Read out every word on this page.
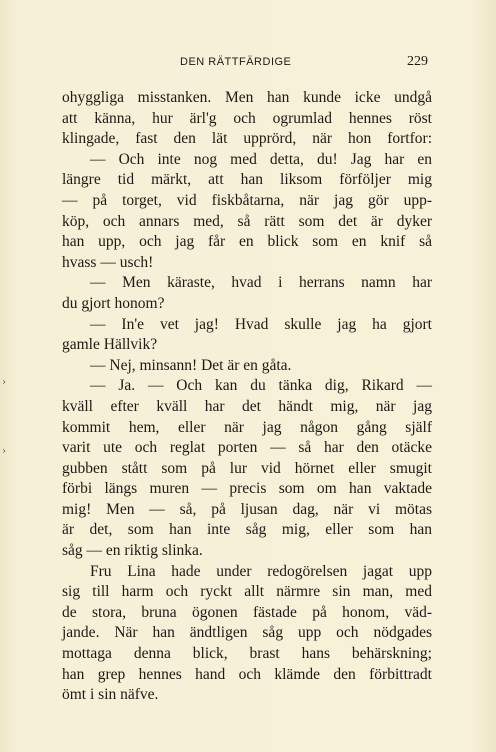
DEN RÄTTFÄRDIGE	229
ohyggliga misstanken. Men han kunde icke undgå
att känna, hur ärl'g och ogrumlad hennes röst
klingade, fast den lät upprörd, när hon fortfor:
— Och inte nog med detta, du! Jag har en
längre tid märkt, att han liksom förföljer mig
— på torget, vid fiskbåtarna, när jag gör upp-
köp, och annars med, så rätt som det är dyker
han upp, och jag får en blick som en knif så
hvass — usch!
— Men käraste, hvad i herrans namn har
du gjort honom?
— In'e vet jag! Hvad skulle jag ha gjort
gamle Hällvik?
— Nej, minsann! Det är en gåta.
— Ja. — Och kan du tänka dig, Rikard —
kväll efter kväll har det händt mig, när jag
kommit hem, eller när jag någon gång själf
varit ute och reglat porten — så har den otäcke
gubben stått som på lur vid hörnet eller smugit
förbi längs muren — precis som om han vaktade
mig! Men — så, på ljusan dag, när vi mötas
är det, som han inte såg mig, eller som han
såg — en riktig slinka.
Fru Lina hade under redogörelsen jagat upp
sig till harm och ryckt allt närmre sin man, med
de stora, bruna ögonen fästade på honom, väd-
jande. När han ändtligen såg upp och nödgades
mottaga denna blick, brast hans behärskning;
han grep hennes hand och klämde den förbittradt
ömt i sin näfve.
›
›
